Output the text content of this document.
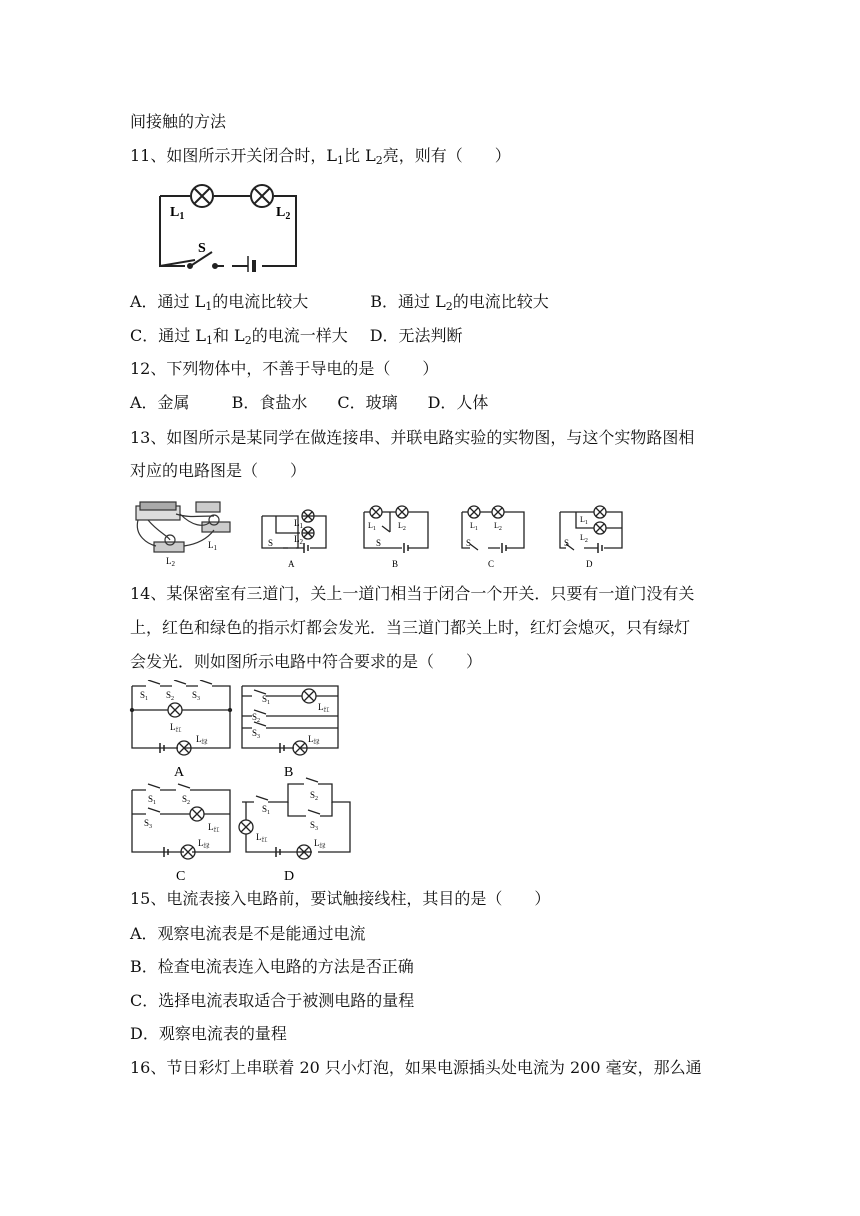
间接触的方法
11、如图所示开关闭合时，$L_1$比 $L_2$亮，则有（　　）
$L_1$	$L_2$
S
A．通过 $L_1$的电流比较大	B．通过 $L_2$的电流比较大
C．通过 $L_1$和 $L_2$的电流一样大 D．无法判断
12、下列物体中，不善于导电的是（　　）
A．金属	B．食盐水 C．玻璃 D．人体
13、如图所示是某同学在做连接串、并联电路实验的实物图，与这个实物路图相
对应的电路图是（　　）
$L_1$
$L_2$
$L_1$
$L_2$
S
A
$L_1$	$L_2$
S
B
$L_1$ $L_2$
S
C
$L_1$
$L_2$
S
D
14、某保密室有三道门，关上一道门相当于闭合一个开关．只要有一道门没有关
上，红色和绿色的指示灯都会发光．当三道门都关上时，红灯会熄灭，只有绿灯
会发光．则如图所示电路中符合要求的是（　　）
$S_1$ $S_2$ $S_3$
$L_红$
$L_绿$
A
$S_1$
$S_2$
$S_3$
$L_红$
$L_绿$
B
$S_1$	$S_2$
$S_3$	$L_红$
$L_绿$
C
$S_1$
$S_2$
$S_3$
$L_红$	$L_绿$
D
15、电流表接入电路前，要试触接线柱，其目的是（　　）
A．观察电流表是不是能通过电流
B．检查电流表连入电路的方法是否正确
C．选择电流表取适合于被测电路的量程
D．观察电流表的量程
16、节日彩灯上串联着 20 只小灯泡，如果电源插头处电流为 200 毫安，那么通
